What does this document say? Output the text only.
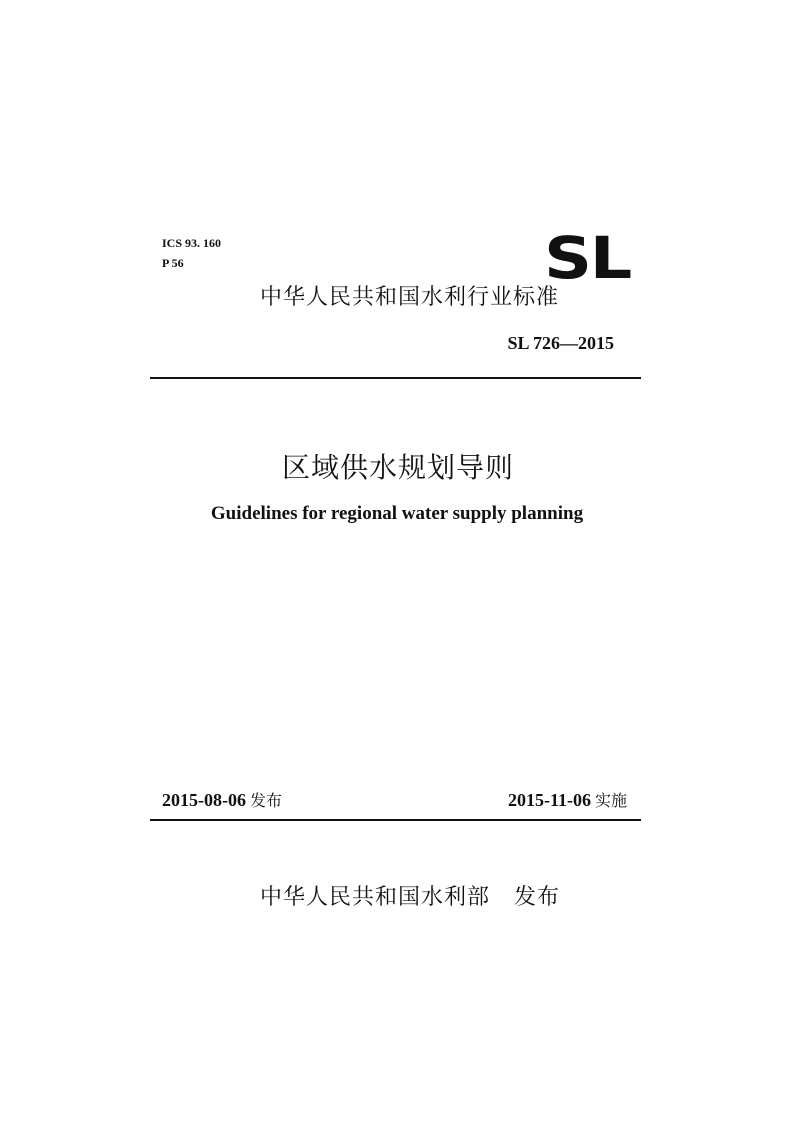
ICS 93. 160
P 56	SL
中华人民共和国水利行业标准
SL 726—2015
区域供水规划导则
Guidelines for regional water supply planning
2015-08-06 发布	2015-11-06 实施
中华人民共和国水利部 发布
